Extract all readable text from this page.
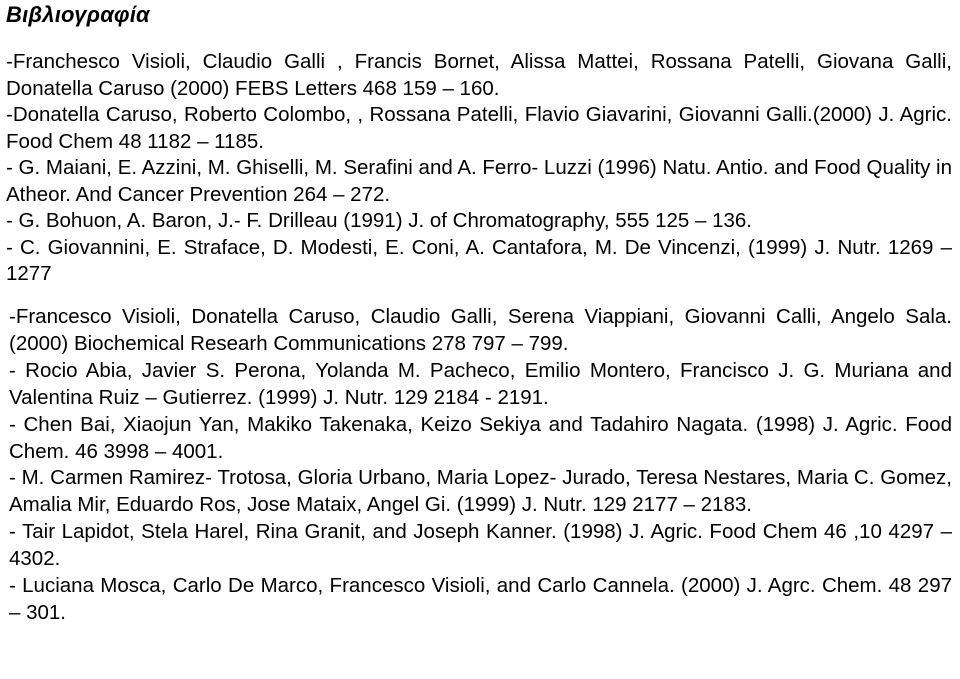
Βιβλιογραφία
-Franchesco Visioli, Claudio Galli , Francis Bornet, Alissa Mattei, Rossana Patelli, Giovana Galli, Donatella Caruso (2000) FEBS Letters 468 159 – 160.
-Donatella Caruso, Roberto Colombo, , Rossana Patelli, Flavio Giavarini, Giovanni Galli.(2000) J. Agric. Food Chem 48 1182 – 1185.
- G. Maiani, E. Azzini, M. Ghiselli, M. Serafini and A. Ferro- Luzzi (1996) Natu. Antio. and Food Quality in Atheor. And Cancer Prevention 264 – 272.
- G. Bohuon, A. Baron, J.- F. Drilleau (1991) J. of Chromatography, 555 125 – 136.
- C. Giovannini, E. Straface, D. Modesti, E. Coni, A. Cantafora, M. De Vincenzi, (1999) J. Nutr. 1269 – 1277
-Francesco Visioli, Donatella Caruso, Claudio Galli, Serena Viappiani, Giovanni Calli, Angelo Sala.(2000) Biochemical Researh Communications 278 797 – 799.
- Rocio Abia, Javier S. Perona, Yolanda M. Pacheco, Emilio Montero, Francisco J. G. Muriana and Valentina Ruiz – Gutierrez. (1999) J. Nutr. 129 2184 - 2191.
- Chen Bai, Xiaojun Yan, Makiko Takenaka, Keizo Sekiya and Tadahiro Nagata. (1998) J. Agric. Food Chem. 46 3998 – 4001.
- M. Carmen Ramirez- Trotosa, Gloria Urbano, Maria Lopez- Jurado, Teresa Nestares, Maria C. Gomez, Amalia Mir, Eduardo Ros, Jose Mataix, Angel Gi. (1999) J. Nutr. 129 2177 – 2183.
- Tair Lapidot, Stela Harel, Rina Granit, and Joseph Kanner. (1998) J. Agric. Food Chem 46 ,10 4297 – 4302.
- Luciana Mosca, Carlo De Marco, Francesco Visioli, and Carlo Cannela. (2000) J. Agrc. Chem. 48 297 – 301.
